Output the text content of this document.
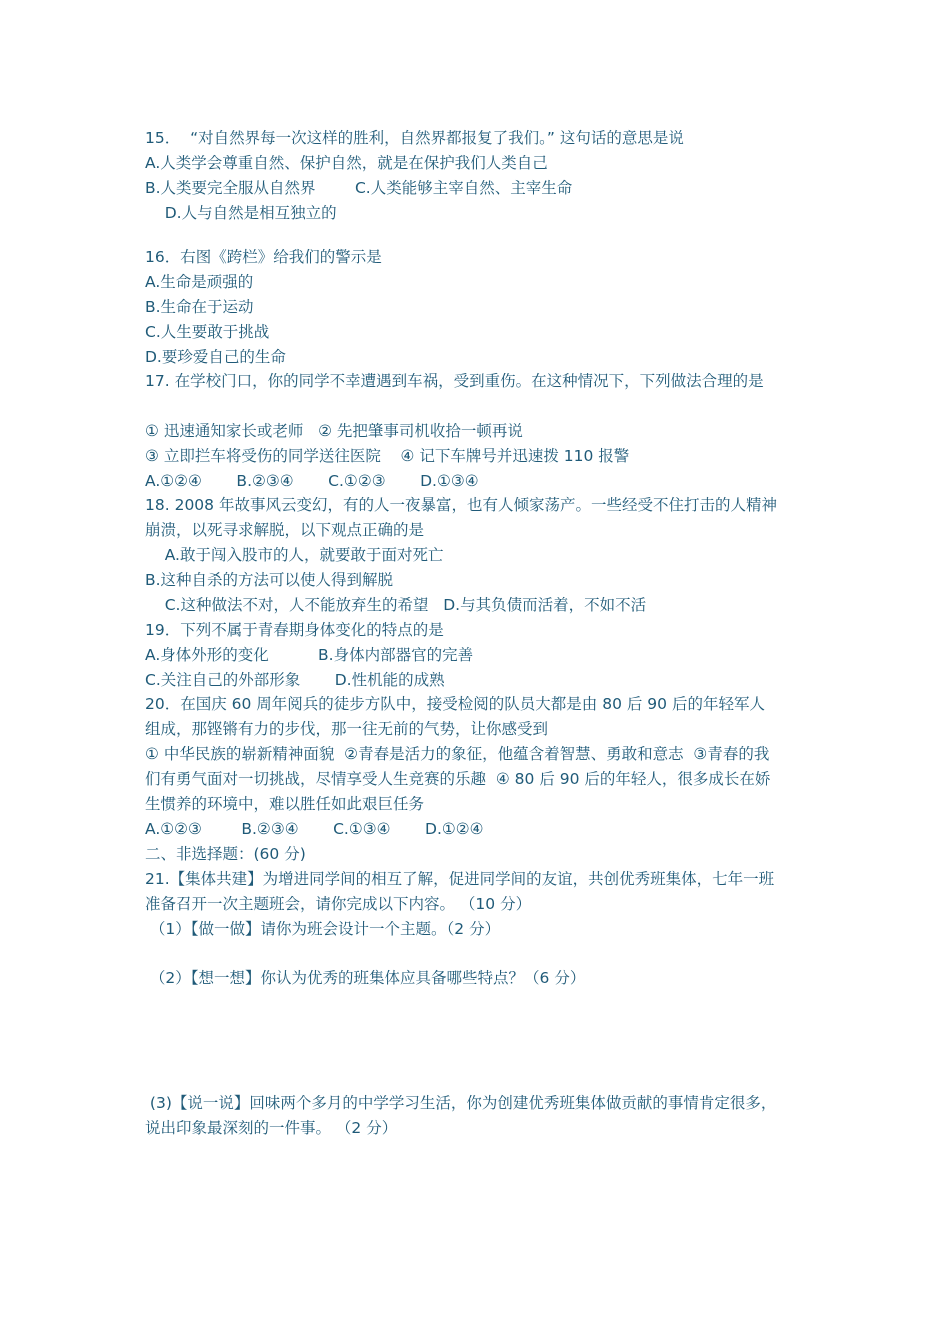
15．  “对自然界每一次这样的胜利，自然界都报复了我们。” 这句话的意思是说
A.人类学会尊重自然、保护自然，就是在保护我们人类自己
B.人类要完全服从自然界        C.人类能够主宰自然、主宰生命
D.人与自然是相互独立的
16．右图《跨栏》给我们的警示是
A.生命是顽强的
B.生命在于运动
C.人生要敢于挑战
D.要珍爱自己的生命
17. 在学校门口，你的同学不幸遭遇到车祸，受到重伤。在这种情况下，下列做法合理的是
① 迅速通知家长或老师   ② 先把肇事司机收拾一顿再说
③ 立即拦车将受伤的同学送往医院    ④ 记下车牌号并迅速拨 110 报警
A.①②④       B.②③④       C.①②③       D.①③④
18. 2008 年故事风云变幻，有的人一夜暴富，也有人倾家荡产。一些经受不住打击的人精神
崩溃，以死寻求解脱，以下观点正确的是
A.敢于闯入股市的人，就要敢于面对死亡
B.这种自杀的方法可以使人得到解脱
C.这种做法不对，人不能放弃生的希望   D.与其负债而活着，不如不活
19．下列不属于青春期身体变化的特点的是
A.身体外形的变化          B.身体内部器官的完善
C.关注自己的外部形象       D.性机能的成熟
20．在国庆 60 周年阅兵的徒步方队中，接受检阅的队员大都是由 80 后 90 后的年轻军人
组成，那铿锵有力的步伐，那一往无前的气势，让你感受到
① 中华民族的崭新精神面貌  ②青春是活力的象征，他蕴含着智慧、勇敢和意志  ③青春的我
们有勇气面对一切挑战，尽情享受人生竞赛的乐趣  ④ 80 后 90 后的年轻人，很多成长在娇
生惯养的环境中，难以胜任如此艰巨任务
A.①②③        B.②③④       C.①③④       D.①②④
二、非选择题：(60 分)
21.【集体共建】为增进同学间的相互了解，促进同学间的友谊，共创优秀班集体，七年一班
准备召开一次主题班会，请你完成以下内容。 （10 分）
（1）【做一做】请你为班会设计一个主题。（2 分）
（2）【想一想】你认为优秀的班集体应具备哪些特点？（6 分）
(3)【说一说】回味两个多月的中学学习生活，你为创建优秀班集体做贡献的事情肯定很多，
说出印象最深刻的一件事。 （2 分）
